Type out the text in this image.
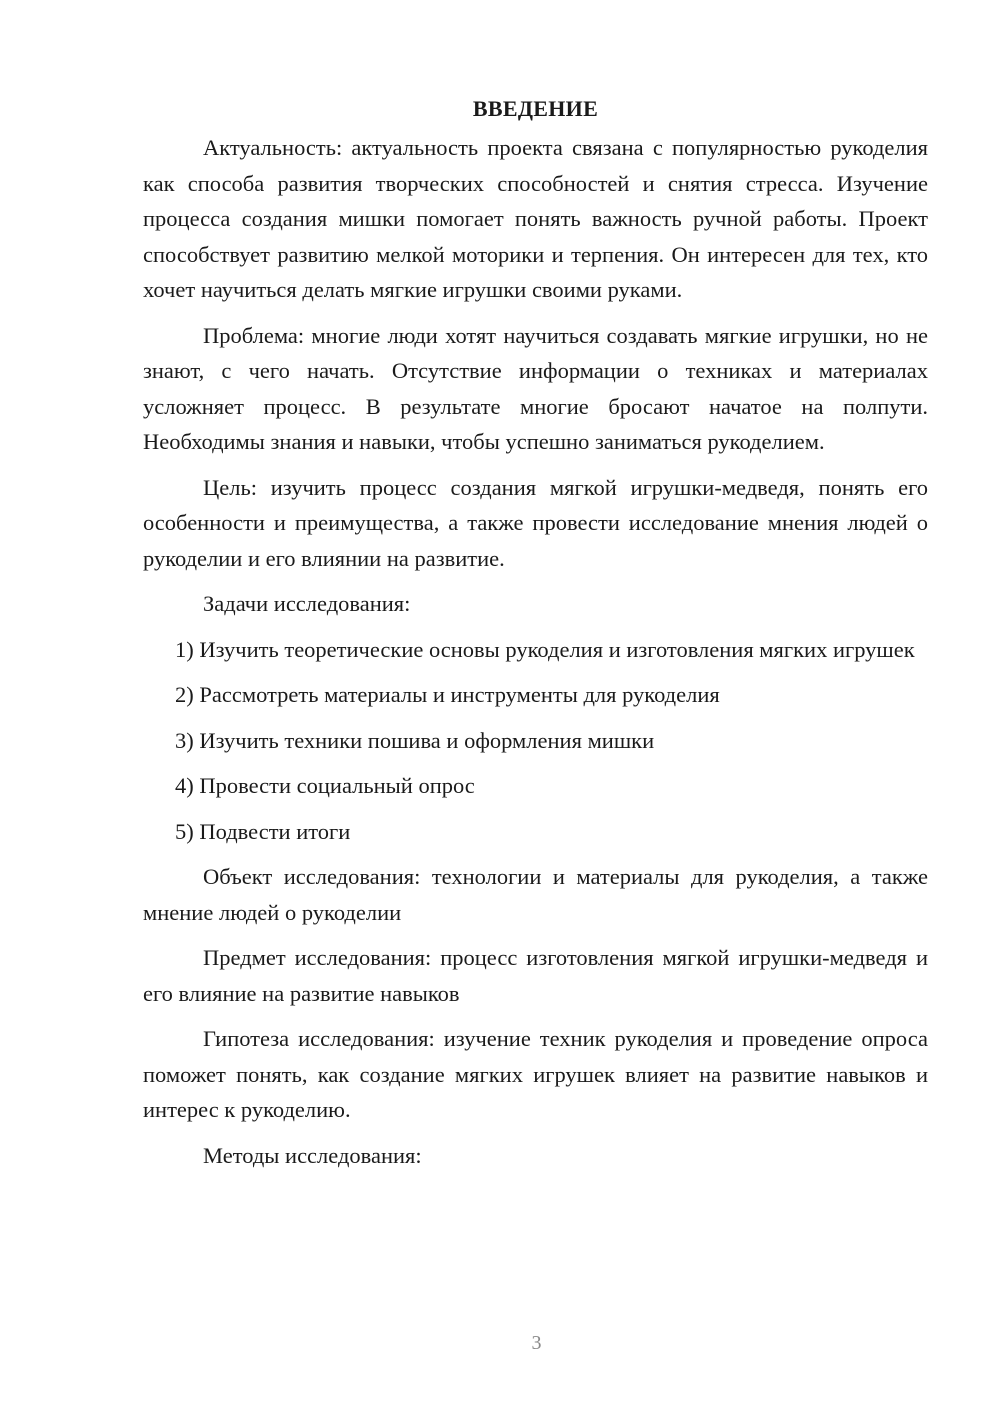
ВВЕДЕНИЕ

Актуальность: актуальность проекта связана с популярностью рукоделия как способа развития творческих способностей и снятия стресса. Изучение процесса создания мишки помогает понять важность ручной работы. Проект способствует развитию мелкой моторики и терпения. Он интересен для тех, кто хочет научиться делать мягкие игрушки своими руками.

Проблема: многие люди хотят научиться создавать мягкие игрушки, но не знают, с чего начать. Отсутствие информации о техниках и материалах усложняет процесс. В результате многие бросают начатое на полпути. Необходимы знания и навыки, чтобы успешно заниматься рукоделием.

Цель: изучить процесс создания мягкой игрушки-медведя, понять его особенности и преимущества, а также провести исследование мнения людей о рукоделии и его влиянии на развитие.

Задачи исследования:

1) Изучить теоретические основы рукоделия и изготовления мягких игрушек

2) Рассмотреть материалы и инструменты для рукоделия

3) Изучить техники пошива и оформления мишки

4) Провести социальный опрос

5) Подвести итоги

Объект исследования: технологии и материалы для рукоделия, а также мнение людей о рукоделии

Предмет исследования: процесс изготовления мягкой игрушки-медведя и его влияние на развитие навыков

Гипотеза исследования: изучение техник рукоделия и проведение опроса поможет понять, как создание мягких игрушек влияет на развитие навыков и интерес к рукоделию.

Методы исследования:

3
